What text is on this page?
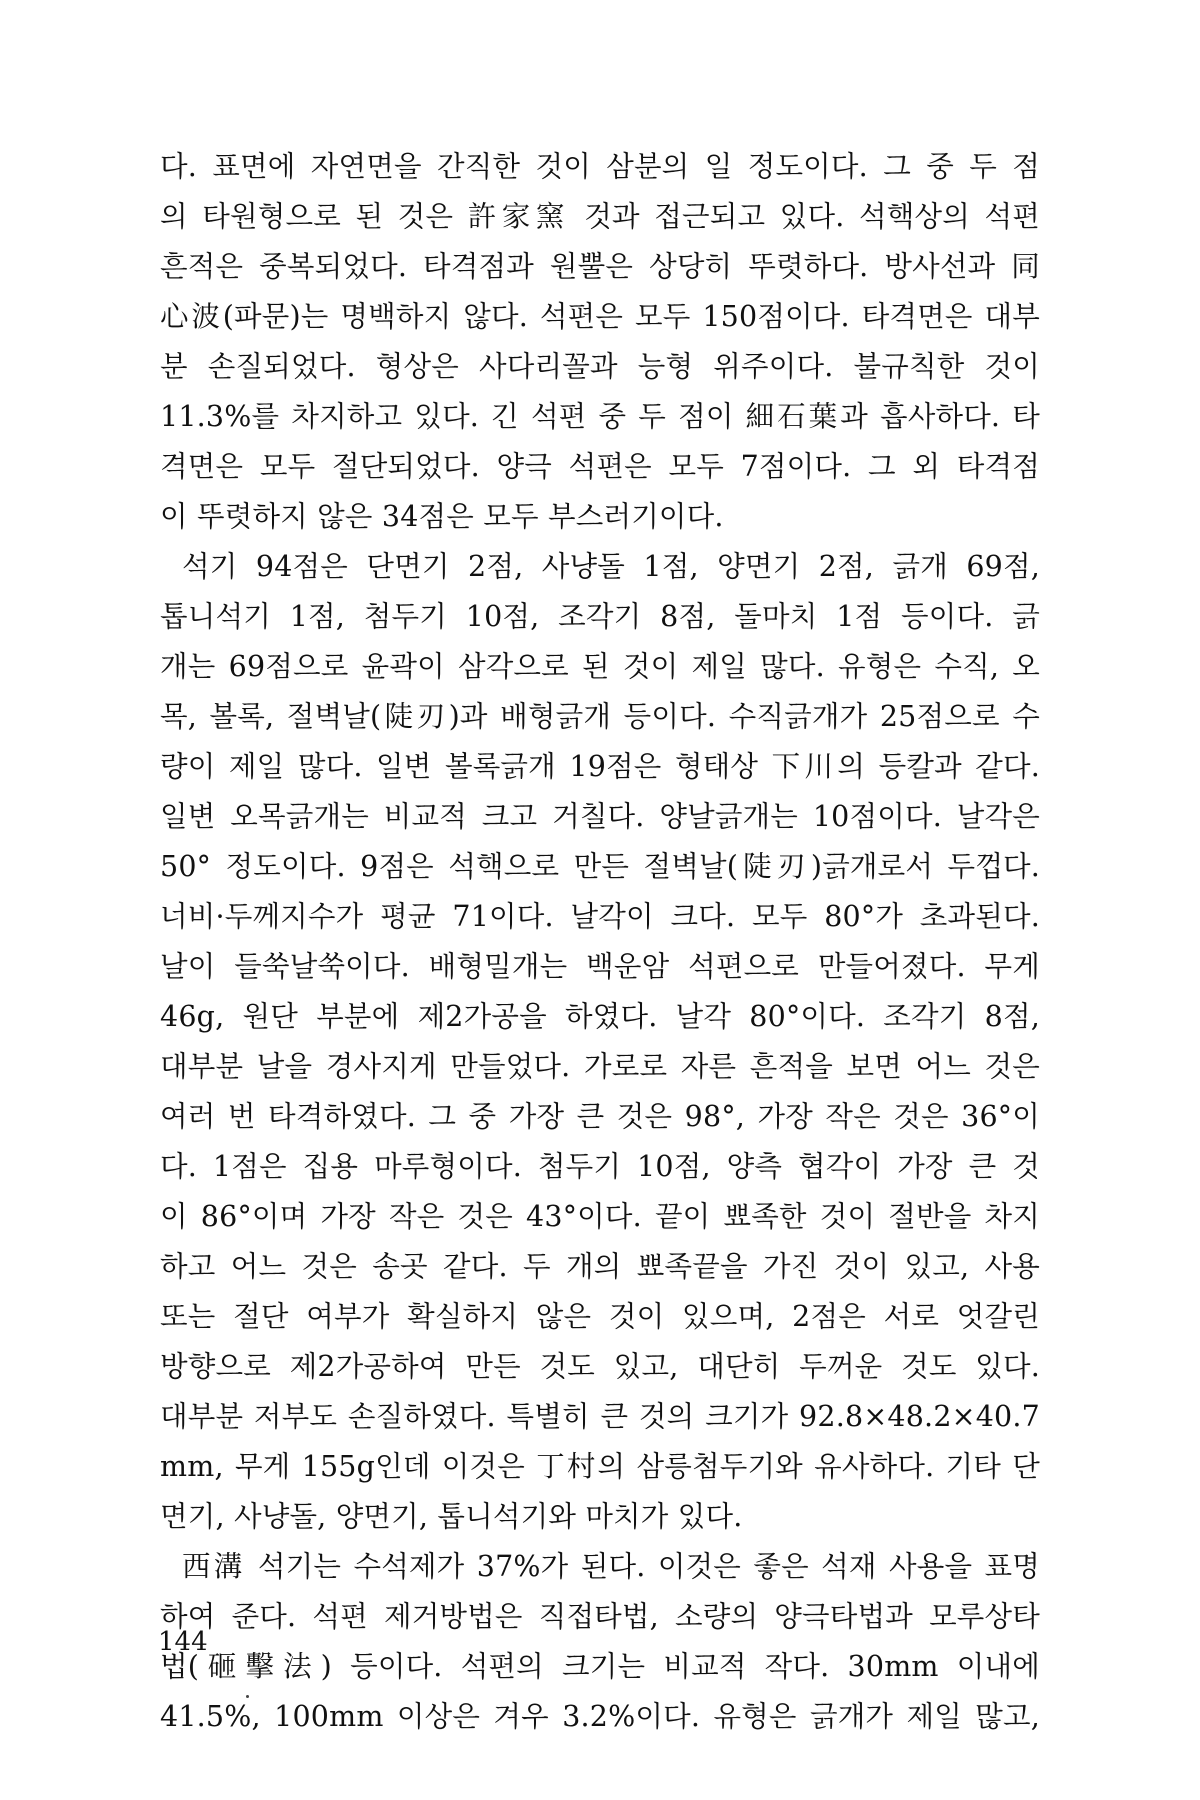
다. 표면에 자연면을 간직한 것이 삼분의 일 정도이다. 그 중 두 점
의 타원형으로 된 것은 許家窯 것과 접근되고 있다. 석핵상의 석편
흔적은 중복되었다. 타격점과 원뿔은 상당히 뚜렷하다. 방사선과 同
心波(파문)는 명백하지 않다. 석편은 모두 150점이다. 타격면은 대부
분 손질되었다. 형상은 사다리꼴과 능형 위주이다. 불규칙한 것이
11.3%를 차지하고 있다. 긴 석편 중 두 점이 細石葉과 흡사하다. 타
격면은 모두 절단되었다. 양극 석편은 모두 7점이다. 그 외 타격점
이 뚜렷하지 않은 34점은 모두 부스러기이다.
석기 94점은 단면기 2점, 사냥돌 1점, 양면기 2점, 긁개 69점,
톱니석기 1점, 첨두기 10점, 조각기 8점, 돌마치 1점 등이다. 긁
개는 69점으로 윤곽이 삼각으로 된 것이 제일 많다. 유형은 수직, 오
목, 볼록, 절벽날(陡刃)과 배형긁개 등이다. 수직긁개가 25점으로 수
량이 제일 많다. 일변 볼록긁개 19점은 형태상 下川의 등칼과 같다.
일변 오목긁개는 비교적 크고 거칠다. 양날긁개는 10점이다. 날각은
50° 정도이다. 9점은 석핵으로 만든 절벽날(陡刃)긁개로서 두껍다.
너비·두께지수가 평균 71이다. 날각이 크다. 모두 80°가 초과된다.
날이 들쑥날쑥이다. 배형밀개는 백운암 석편으로 만들어졌다. 무게
46g, 원단 부분에 제2가공을 하였다. 날각 80°이다. 조각기 8점,
대부분 날을 경사지게 만들었다. 가로로 자른 흔적을 보면 어느 것은
여러 번 타격하였다. 그 중 가장 큰 것은 98°, 가장 작은 것은 36°이
다. 1점은 집용 마루형이다. 첨두기 10점, 양측 협각이 가장 큰 것
이 86°이며 가장 작은 것은 43°이다. 끝이 뾰족한 것이 절반을 차지
하고 어느 것은 송곳 같다. 두 개의 뾰족끝을 가진 것이 있고, 사용
또는 절단 여부가 확실하지 않은 것이 있으며, 2점은 서로 엇갈린
방향으로 제2가공하여 만든 것도 있고, 대단히 두꺼운 것도 있다.
대부분 저부도 손질하였다. 특별히 큰 것의 크기가 92.8×48.2×40.7
mm, 무게 155g인데 이것은 丁村의 삼릉첨두기와 유사하다. 기타 단
면기, 사냥돌, 양면기, 톱니석기와 마치가 있다.
西溝 석기는 수석제가 37%가 된다. 이것은 좋은 석재 사용을 표명
하여 준다. 석편 제거방법은 직접타법, 소량의 양극타법과 모루상타
법(砸擊法) 등이다. 석편의 크기는 비교적 작다. 30mm 이내에
41.5%, 100mm 이상은 겨우 3.2%이다. 유형은 긁개가 제일 많고,
144
